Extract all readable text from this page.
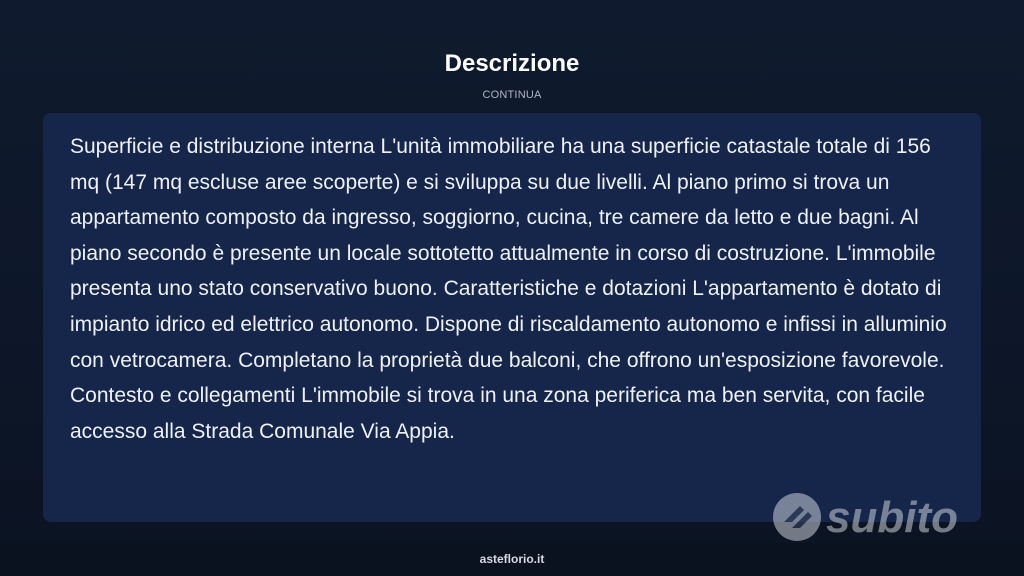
Descrizione
CONTINUA

Superficie e distribuzione interna L'unità immobiliare ha una superficie catastale totale di 156 mq (147 mq escluse aree scoperte) e si sviluppa su due livelli. Al piano primo si trova un appartamento composto da ingresso, soggiorno, cucina, tre camere da letto e due bagni. Al piano secondo è presente un locale sottotetto attualmente in corso di costruzione. L'immobile presenta uno stato conservativo buono. Caratteristiche e dotazioni L'appartamento è dotato di impianto idrico ed elettrico autonomo. Dispone di riscaldamento autonomo e infissi in alluminio con vetrocamera. Completano la proprietà due balconi, che offrono un'esposizione favorevole. Contesto e collegamenti L'immobile si trova in una zona periferica ma ben servita, con facile accesso alla Strada Comunale Via Appia.

subito
asteflorio.it
